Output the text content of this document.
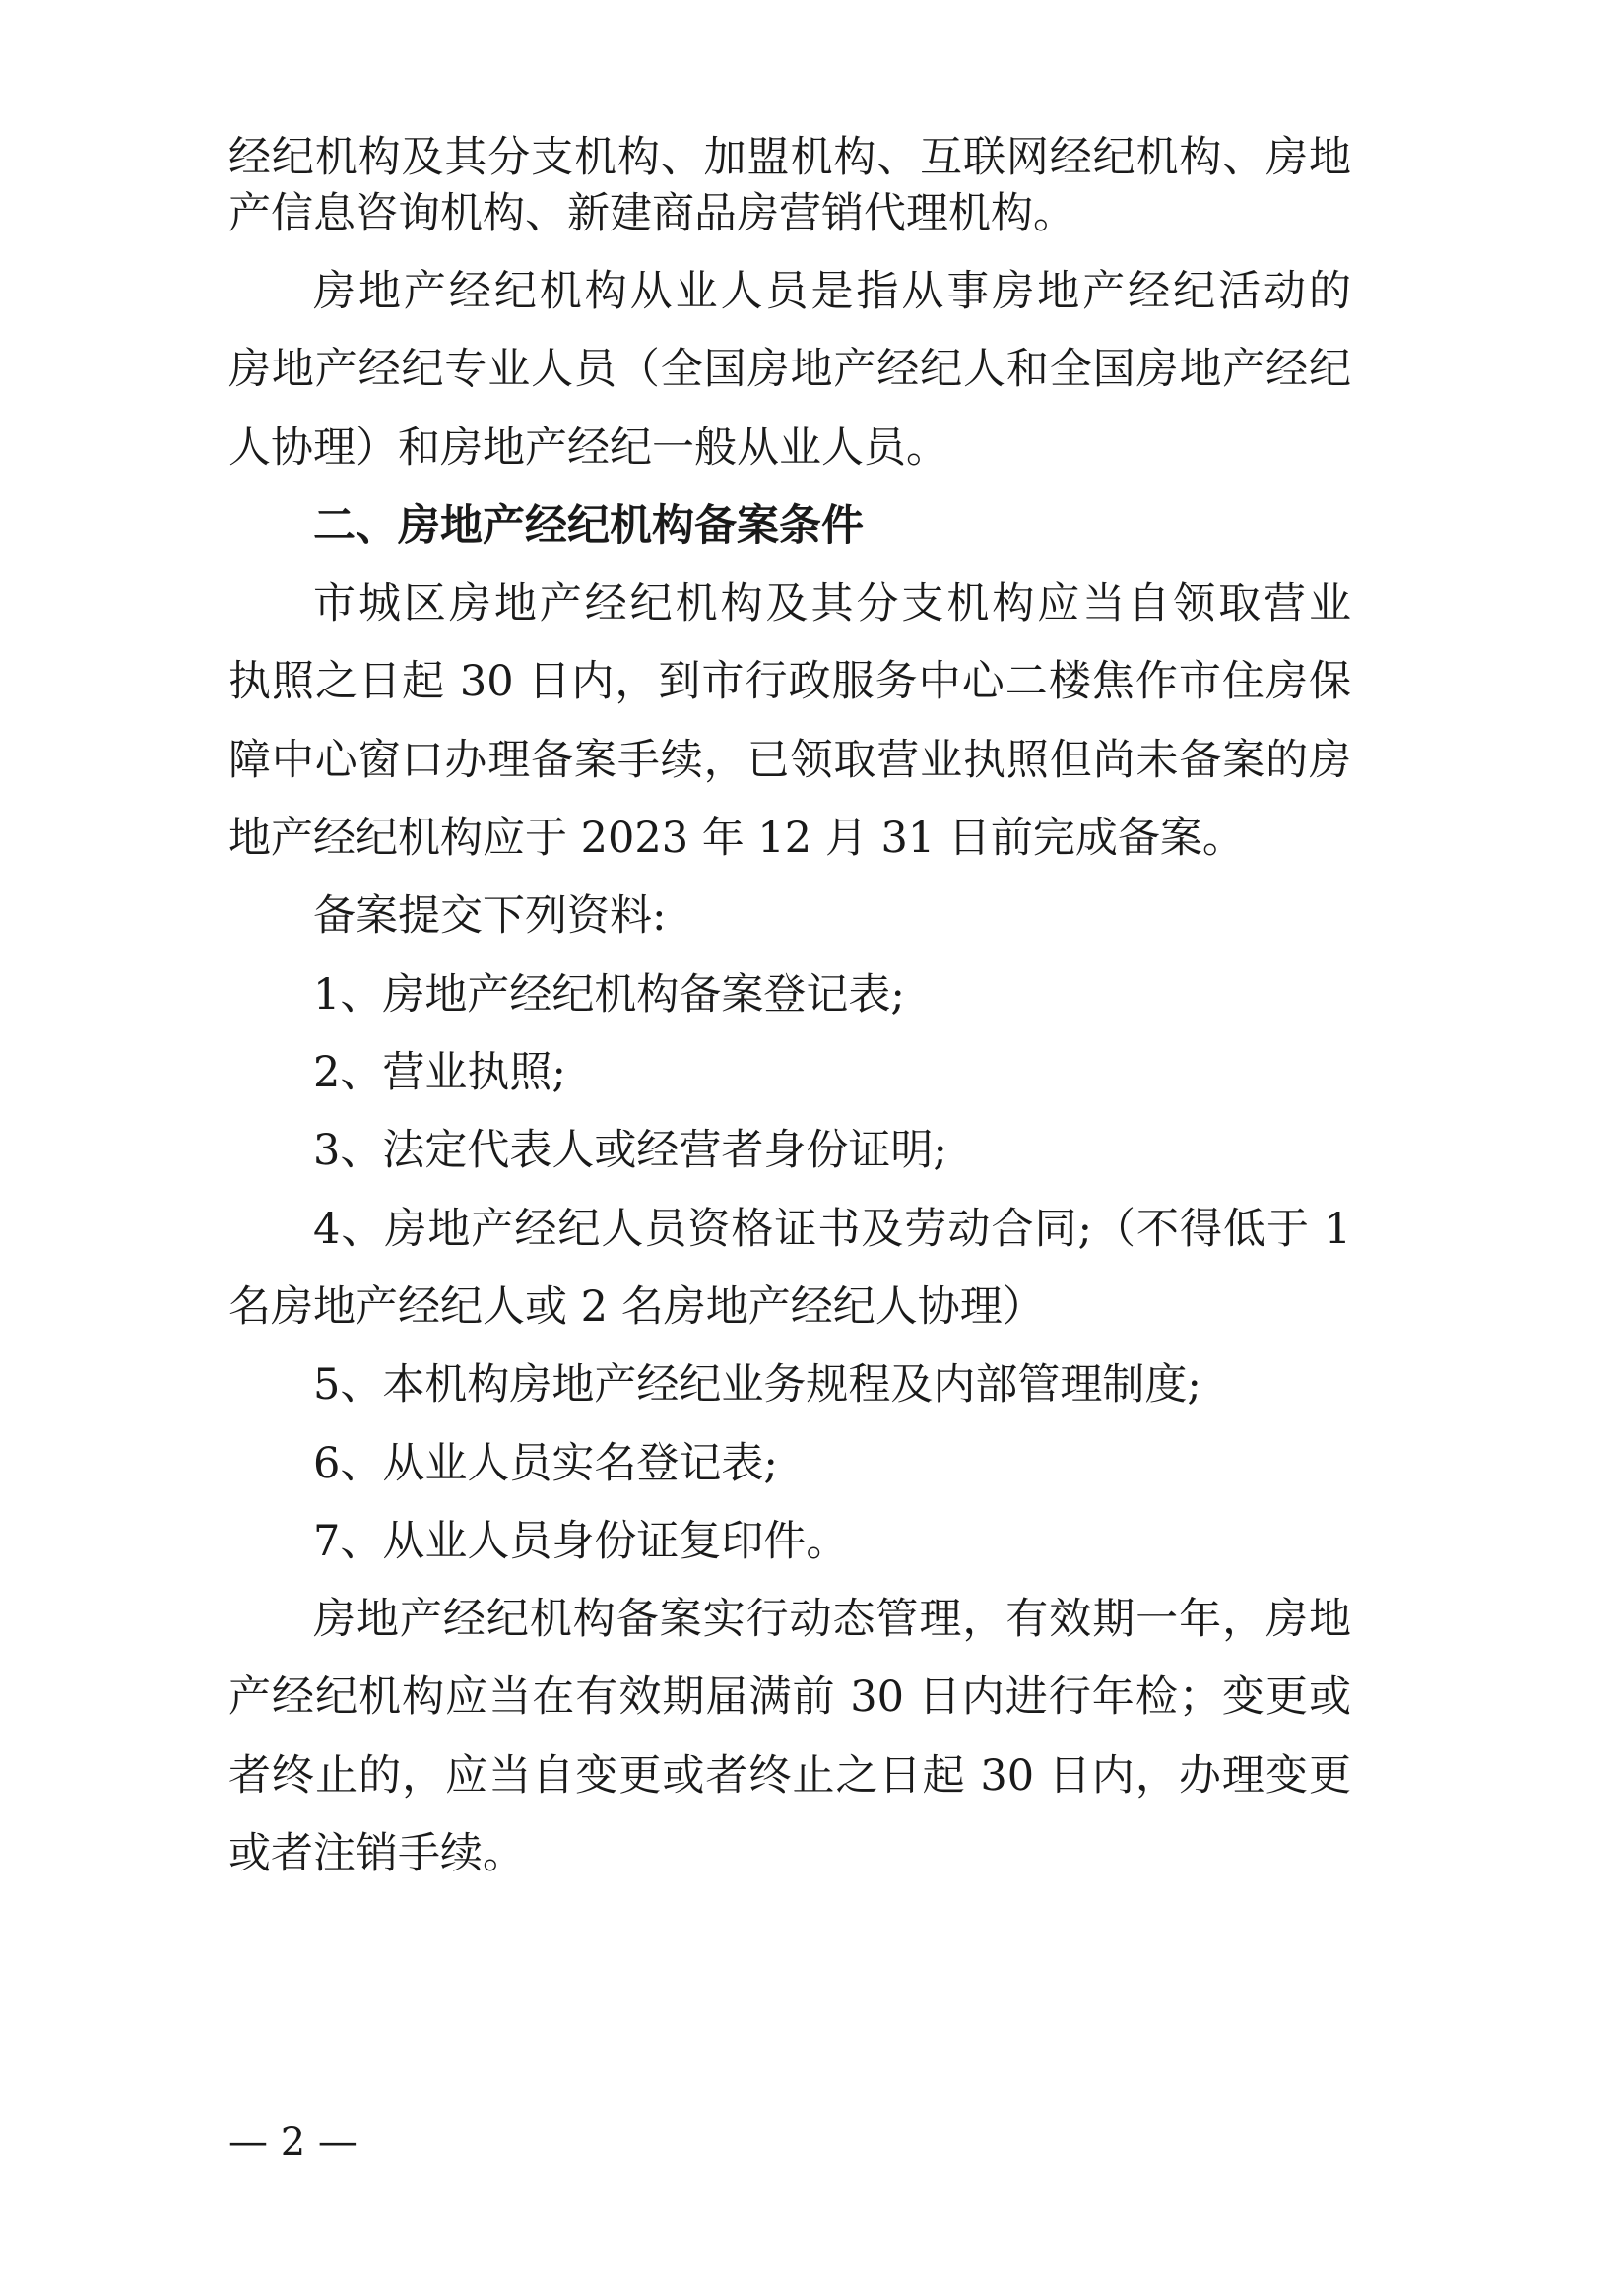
经纪机构及其分支机构、加盟机构、互联网经纪机构、房地
产信息咨询机构、新建商品房营销代理机构。
房地产经纪机构从业人员是指从事房地产经纪活动的
房地产经纪专业人员（全国房地产经纪人和全国房地产经纪
人协理）和房地产经纪一般从业人员。
二、房地产经纪机构备案条件
市城区房地产经纪机构及其分支机构应当自领取营业
执照之日起 30 日内，到市行政服务中心二楼焦作市住房保
障中心窗口办理备案手续，已领取营业执照但尚未备案的房
地产经纪机构应于 2023 年 12 月 31 日前完成备案。
备案提交下列资料:
1、房地产经纪机构备案登记表;
2、营业执照;
3、法定代表人或经营者身份证明;
4、房地产经纪人员资格证书及劳动合同;（不得低于 1
名房地产经纪人或 2 名房地产经纪人协理）
5、本机构房地产经纪业务规程及内部管理制度;
6、从业人员实名登记表;
7、从业人员身份证复印件。
房地产经纪机构备案实行动态管理，有效期一年，房地
产经纪机构应当在有效期届满前 30 日内进行年检；变更或
者终止的，应当自变更或者终止之日起 30 日内，办理变更
或者注销手续。
— 2 —
